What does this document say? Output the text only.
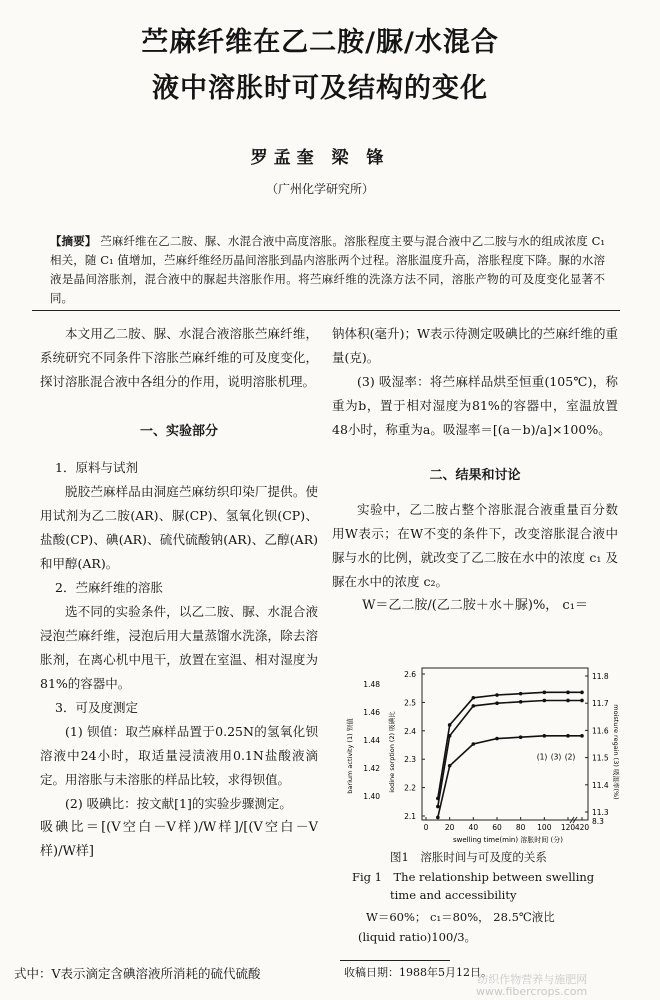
苎麻纤维在乙二胺/脲/水混合
液中溶胀时可及结构的变化
罗孟奎 梁 锋
（广州化学研究所）
【摘要】 苎麻纤维在乙二胺、脲、水混合液中高度溶胀。溶胀程度主要与混合液中乙二胺与水的组成浓度 C₁ 相关，随 C₁ 值增加，苎麻纤维经历晶间溶胀到晶内溶胀两个过程。溶胀温度升高，溶胀程度下降。脲的水溶液是晶间溶胀剂，混合液中的脲起共溶胀作用。将苎麻纤维的洗涤方法不同，溶胀产物的可及度变化显著不同。

本文用乙二胺、脲、水混合液溶胀苎麻纤维，系统研究不同条件下溶胀苎麻纤维的可及度变化，探讨溶胀混合液中各组分的作用，说明溶胀机理。

一、实验部分

1．原料与试剂

脱胶苎麻样品由洞庭苎麻纺织印染厂提供。使用试剂为乙二胺(AR)、脲(CP)、氢氧化钡(CP)、盐酸(CP)、碘(AR)、硫代硫酸钠(AR)、乙醇(AR)和甲醇(AR)。

2．苎麻纤维的溶胀

选不同的实验条件，以乙二胺、脲、水混合液浸泡苎麻纤维，浸泡后用大量蒸馏水洗涤，除去溶胀剂，在离心机中甩干，放置在室温、相对湿度为81%的容器中。

3．可及度测定

(1) 钡值：取苎麻样品置于0.25N的氢氧化钡溶液中24小时，取适量浸渍液用0.1N盐酸液滴定。用溶胀与未溶胀的样品比较，求得钡值。

(2) 吸碘比：按文献[1]的实验步骤测定。

吸碘比＝[(V空白－V样)/W样]/[(V空白－V样)/W样]

式中：V表示滴定含碘溶液所消耗的硫代硫酸

钠体积(毫升)；W表示待测定吸碘比的苎麻纤维的重量(克)。

(3) 吸湿率：将苎麻样品烘至恒重(105℃)，称重为b，置于相对湿度为81%的容器中，室温放置48小时，称重为a。吸湿率＝[(a－b)/a]×100%。

二、结果和讨论

实验中，乙二胺占整个溶胀混合液重量百分数用W表示；在W不变的条件下，改变溶胀混合液中脲与水的比例，就改变了乙二胺在水中的浓度 c₁ 及脲在水中的浓度 c₂。

W＝乙二胺/(乙二胺＋水＋脲)%， c₁＝

1.40
1.42
1.44
1.46
1.48
2.1
2.2
2.3
2.4
2.5
2.6
11.3
11.4
11.5
11.6
11.7
11.8
8.3
0 20 40 60 80 100 120 420
(1) (3) (2)
barium activity (1) 钡值	iodine sorption (2) 吸碘比	moisture regain (3) 吸湿率(%)
swelling time(min) 溶胀时间 (分)
图1　溶胀时间与可及度的关系
Fig 1　The relationship between swelling
time and accessibility
W＝60%； c₁＝80%， 28.5℃液比
(liquid ratio)100/3。
收稿日期：1988年5月12日。
纺织作物营养与施肥网
www.fibercrops.com
